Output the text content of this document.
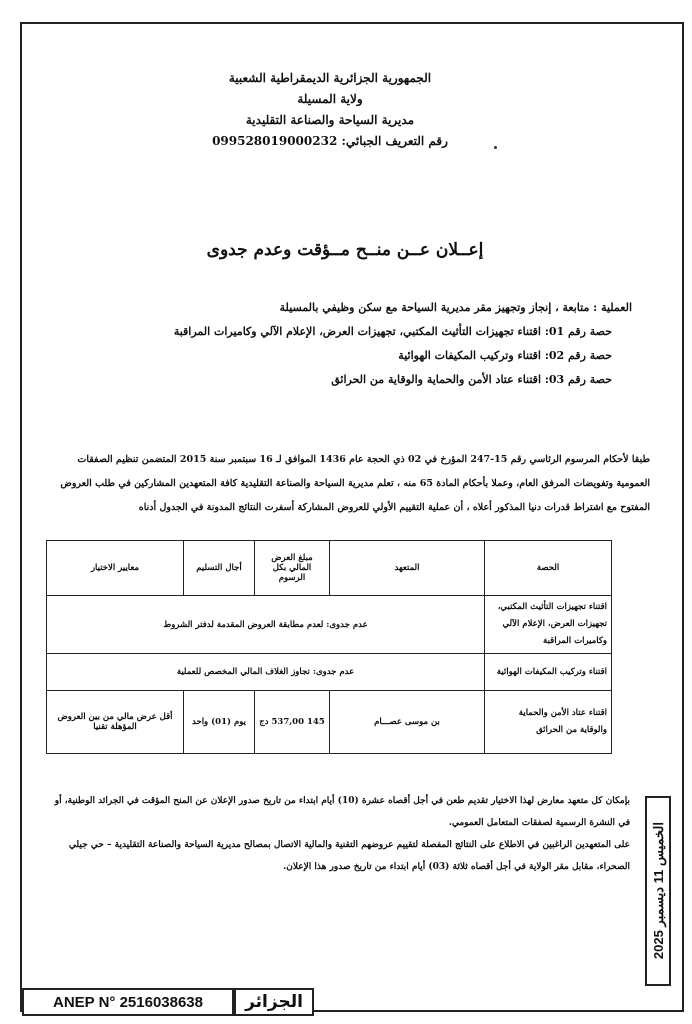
الجمهورية الجزائرية الديمقراطية الشعبية
ولاية المسيلة
مديرية السياحة والصناعة التقليدية
رقم التعريف الجبائي: 099528019000232
إعــلان عــن منــح مــؤقت وعدم جدوى
العملية : متابعة ، إنجاز وتجهيز مقر مديرية السياحة مع سكن وظيفي بالمسيلة
حصة رقم 01: اقتناء تجهيزات التأثيث المكتبي، تجهيزات العرض، الإعلام الآلي وكاميرات المراقبة
حصة رقم 02: اقتناء وتركيب المكيفات الهوائية
حصة رقم 03: اقتناء عتاد الأمن والحماية والوقاية من الحرائق
طبقا لأحكام المرسوم الرئاسي رقم 15-247 المؤرخ في 02 ذي الحجة عام 1436 الموافق لـ 16 سبتمبر سنة 2015 المتضمن تنظيم الصفقات العمومية وتفويضات المرفق العام، وعملا بأحكام المادة 65 منه ، تعلم مديرية السياحة والصناعة التقليدية كافة المتعهدين المشاركين في طلب العروض المفتوح مع اشتراط قدرات دنيا المذكور أعلاه ، أن عملية التقييم الأولي للعروض المشاركة أسفرت النتائج المدونة في الجدول أدناه
الحصة	المتعهد	مبلغ العرض المالي بكل الرسوم	أجال التسليم	معايير الاختيار
اقتناء تجهيزات التأثيث المكتبي، تجهيزات العرض، الإعلام الآلي وكاميرات المراقبة	عدم جدوى: لعدم مطابقة العروض المقدمة لدفتر الشروط			
اقتناء وتركيب المكيفات الهوائية	عدم جدوى: تجاوز الغلاف المالي المخصص للعملية			
اقتناء عتاد الأمن والحماية والوقاية من الحرائق	بن موسى عصـــام	145 537,00 دج	يوم (01) واحد	أقل عرض مالي من بين العروض المؤهلة تقنيا
بإمكان كل متعهد معارض لهذا الاختيار تقديم طعن في أجل أقصاه عشرة (10) أيام ابتداء من تاريخ صدور الإعلان عن المنح المؤقت في الجرائد الوطنية، أو في النشرة الرسمية لصفقات المتعامل العمومي.
على المتعهدين الراغبين في الاطلاع على النتائج المفصلة لتقييم عروضهم التقنية والمالية الاتصال بمصالح مديرية السياحة والصناعة التقليدية – حي جيلي الصحراء، مقابل مقر الولاية في أجل أقصاه ثلاثة (03) أيام ابتداء من تاريخ صدور هذا الإعلان.
الخميس 11 ديسمبر 2025
ANEP N° 2516038638	الجزائر
